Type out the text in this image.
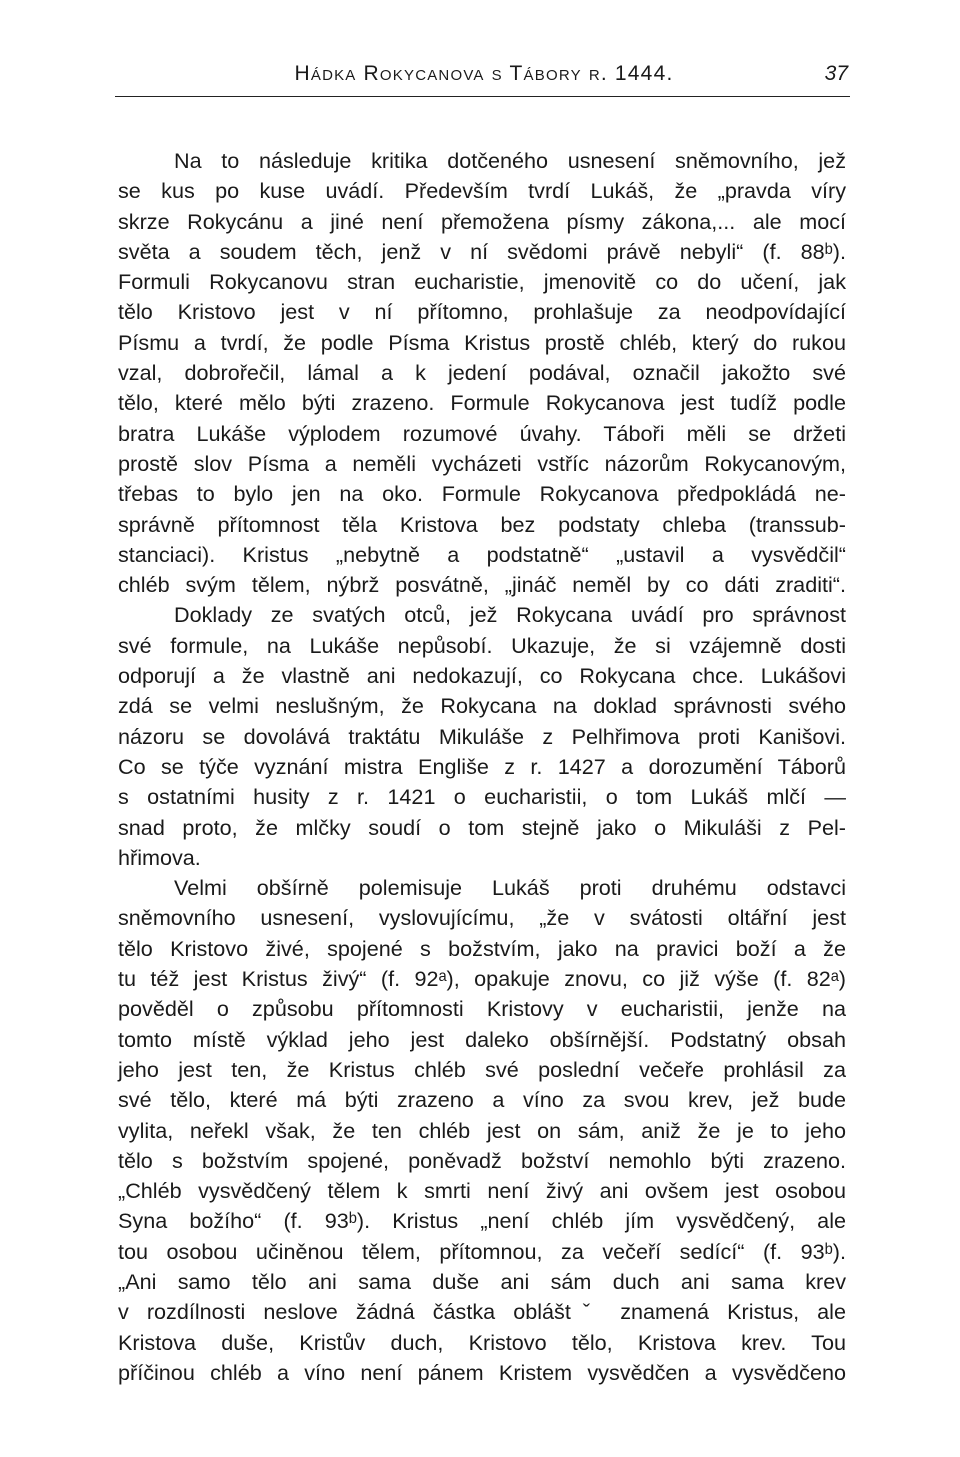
Hádka Rokycanova s Tábory r. 1444.	37
Na to následuje kritika dotčeného usnesení sněmovního, jež
se kus po kuse uvádí. Především tvrdí Lukáš, že „pravda víry
skrze Rokycánu a jiné není přemožena písmy zákona,... ale mocí
světa a soudem těch, jenž v ní svědomi právě nebyli“ (f. 88ᵇ).
Formuli Rokycanovu stran eucharistie, jmenovitě co do učení, jak
tělo Kristovo jest v ní přítomno, prohlašuje za neodpovídající
Písmu a tvrdí, že podle Písma Kristus prostě chléb, který do rukou
vzal, dobrořečil, lámal a k jedení podával, označil jakožto své
tělo, které mělo býti zrazeno. Formule Rokycanova jest tudíž podle
bratra Lukáše výplodem rozumové úvahy. Táboři měli se držeti
prostě slov Písma a neměli vycházeti vstříc názorům Rokycanovým,
třebas to bylo jen na oko. Formule Rokycanova předpokládá ne-
správně přítomnost těla Kristova bez podstaty chleba (transsub-
stanciaci). Kristus „nebytně a podstatně“ „ustavil a vysvědčil“
chléb svým tělem, nýbrž posvátně, „jináč neměl by co dáti zraditi“.
Doklady ze svatých otců, jež Rokycana uvádí pro správnost
své formule, na Lukáše nepůsobí. Ukazuje, že si vzájemně dosti
odporují a že vlastně ani nedokazují, co Rokycana chce. Lukášovi
zdá se velmi neslušným, že Rokycana na doklad správnosti svého
názoru se dovolává traktátu Mikuláše z Pelhřimova proti Kanišovi.
Co se týče vyznání mistra Engliše z r. 1427 a dorozumění Táborů
s ostatními husity z r. 1421 o eucharistii, o tom Lukáš mlčí —
snad proto, že mlčky soudí o tom stejně jako o Mikuláši z Pel-
hřimova.
Velmi obšírně polemisuje Lukáš proti druhému odstavci
sněmovního usnesení, vyslovujícímu, „že v svátosti oltářní jest
tělo Kristovo živé, spojené s božstvím, jako na pravici boží a že
tu též jest Kristus živý“ (f. 92ᵃ), opakuje znovu, co již výše (f. 82ᵃ)
pověděl o způsobu přítomnosti Kristovy v eucharistii, jenže na
tomto místě výklad jeho jest daleko obšírnější. Podstatný obsah
jeho jest ten, že Kristus chléb své poslední večeře prohlásil za
své tělo, které má býti zrazeno a víno za svou krev, jež bude
vylita, neřekl však, že ten chléb jest on sám, aniž že je to jeho
tělo s božstvím spojené, poněvadž božství nemohlo býti zrazeno.
„Chléb vysvědčený tělem k smrti není živý ani ovšem jest osobou
Syna božího“ (f. 93ᵇ). Kristus „není chléb jím vysvědčený, ale
tou osobou učiněnou tělem, přítomnou, za večeří sedící“ (f. 93ᵇ).
„Ani samo tělo ani sama duše ani sám duch ani sama krev
v rozdílnosti neslove žádná částka obláštˇ znamená Kristus, ale
Kristova duše, Kristův duch, Kristovo tělo, Kristova krev. Tou
příčinou chléb a víno není pánem Kristem vysvědčen a vysvědčeno
